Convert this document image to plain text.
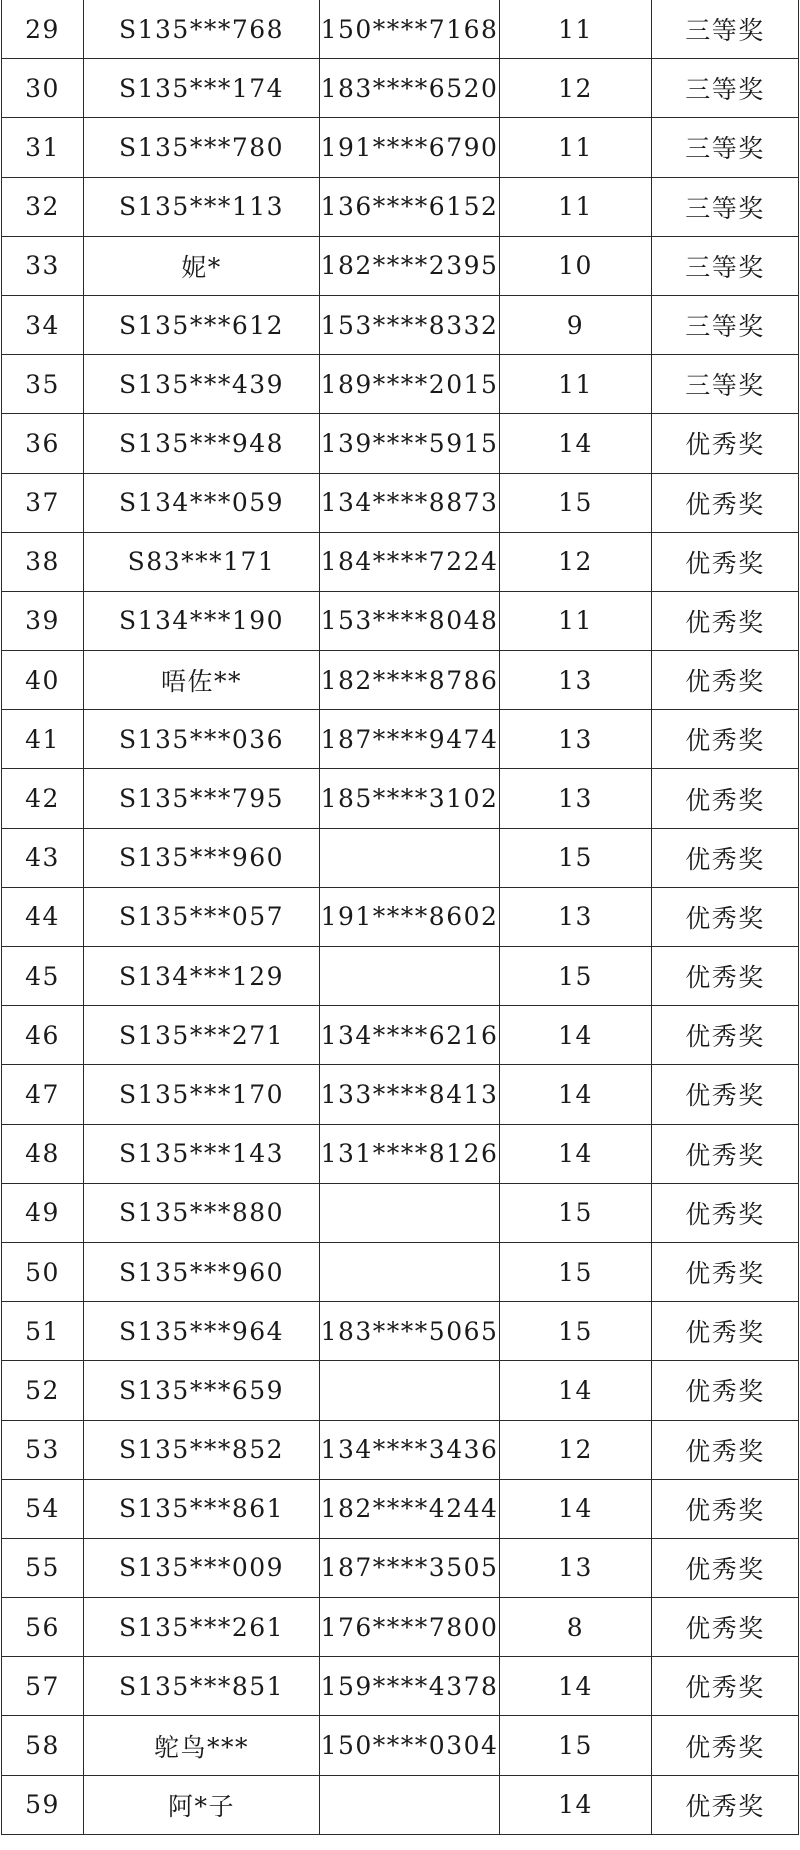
29	S135***768	150****7168	11	三等奖
30	S135***174	183****6520	12	三等奖
31	S135***780	191****6790	11	三等奖
32	S135***113	136****6152	11	三等奖
33	妮*	182****2395	10	三等奖
34	S135***612	153****8332	9	三等奖
35	S135***439	189****2015	11	三等奖
36	S135***948	139****5915	14	优秀奖
37	S134***059	134****8873	15	优秀奖
38	S83***171	184****7224	12	优秀奖
39	S134***190	153****8048	11	优秀奖
40	唔佐**	182****8786	13	优秀奖
41	S135***036	187****9474	13	优秀奖
42	S135***795	185****3102	13	优秀奖
43	S135***960		15	优秀奖
44	S135***057	191****8602	13	优秀奖
45	S134***129		15	优秀奖
46	S135***271	134****6216	14	优秀奖
47	S135***170	133****8413	14	优秀奖
48	S135***143	131****8126	14	优秀奖
49	S135***880		15	优秀奖
50	S135***960		15	优秀奖
51	S135***964	183****5065	15	优秀奖
52	S135***659		14	优秀奖
53	S135***852	134****3436	12	优秀奖
54	S135***861	182****4244	14	优秀奖
55	S135***009	187****3505	13	优秀奖
56	S135***261	176****7800	8	优秀奖
57	S135***851	159****4378	14	优秀奖
58	鸵鸟***	150****0304	15	优秀奖
59	阿*子		14	优秀奖
